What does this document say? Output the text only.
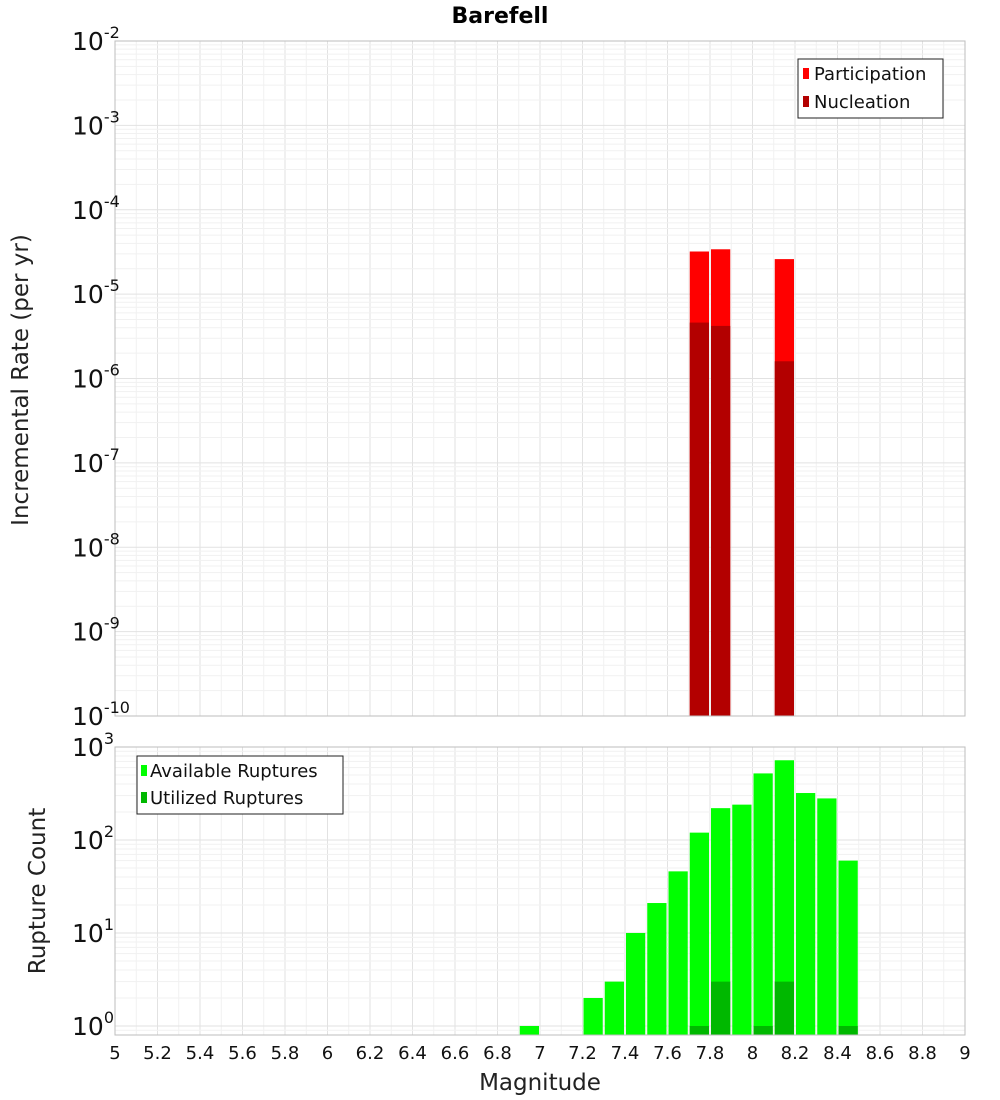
10-10
10-9
10-8
10-7
10-6
10-5
10-4
10-3
10-2
100
101
102
103
5 5.2 5.4 5.6 5.8 6 6.2 6.4 6.6 6.8 7 7.2 7.4 7.6 7.8 8 8.2 8.4 8.6 8.8 9
Barefell
Incremental Rate (per yr)
Rupture Count
Magnitude
Participation
Nucleation
Available Ruptures
Utilized Ruptures
